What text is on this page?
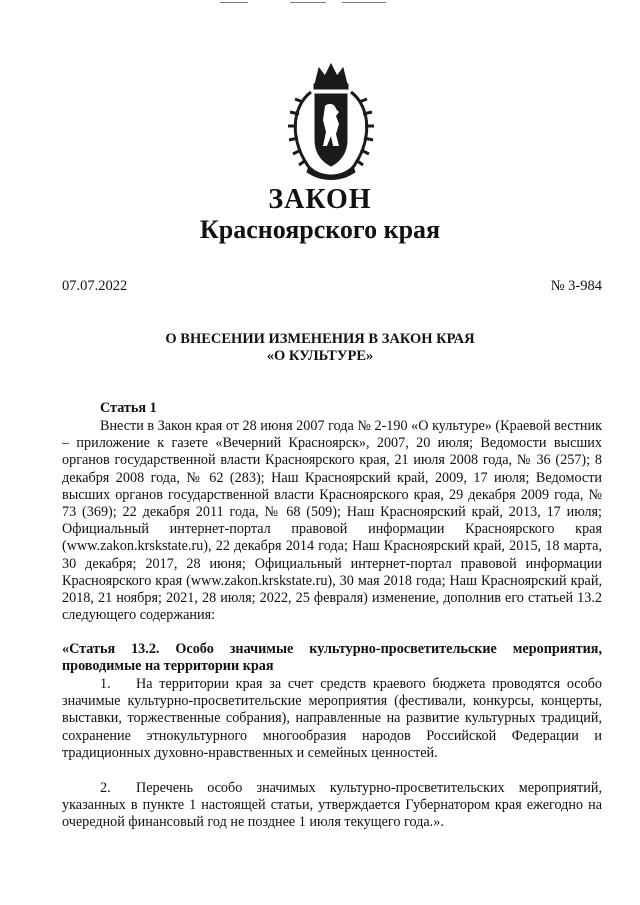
ЗАКОН
Красноярского края
07.07.2022	№ 3-984
О ВНЕСЕНИИ ИЗМЕНЕНИЯ В ЗАКОН КРАЯ
«О КУЛЬТУРЕ»
Статья 1

Внести в Закон края от 28 июня 2007 года № 2-190 «О культуре» (Краевой вестник – приложение к газете «Вечерний Красноярск», 2007, 20 июля; Ведомости высших органов государственной власти Красноярского края, 21 июля 2008 года, № 36 (257); 8 декабря 2008 года, № 62 (283); Наш Красноярский край, 2009, 17 июля; Ведомости высших органов государственной власти Красноярского края, 29 декабря 2009 года, № 73 (369); 22 декабря 2011 года, № 68 (509); Наш Красноярский край, 2013, 17 июля; Официальный интернет-портал правовой информации Красноярского края (www.zakon.krskstate.ru), 22 декабря 2014 года; Наш Красноярский край, 2015, 18 марта, 30 декабря; 2017, 28 июня; Официальный интернет-портал правовой информации Красноярского края (www.zakon.krskstate.ru), 30 мая 2018 года; Наш Красноярский край, 2018, 21 ноября; 2021, 28 июля; 2022, 25 февраля) изменение, дополнив его статьей 13.2 следующего содержания:

«Статья 13.2. Особо значимые культурно-просветительские мероприятия, проводимые на территории края

1. На территории края за счет средств краевого бюджета проводятся особо значимые культурно-просветительские мероприятия (фестивали, конкурсы, концерты, выставки, торжественные собрания), направленные на развитие культурных традиций, сохранение этнокультурного многообразия народов Российской Федерации и традиционных духовно-нравственных и семейных ценностей.

2. Перечень особо значимых культурно-просветительских мероприятий, указанных в пункте 1 настоящей статьи, утверждается Губернатором края ежегодно на очередной финансовый год не позднее 1 июля текущего года.».
